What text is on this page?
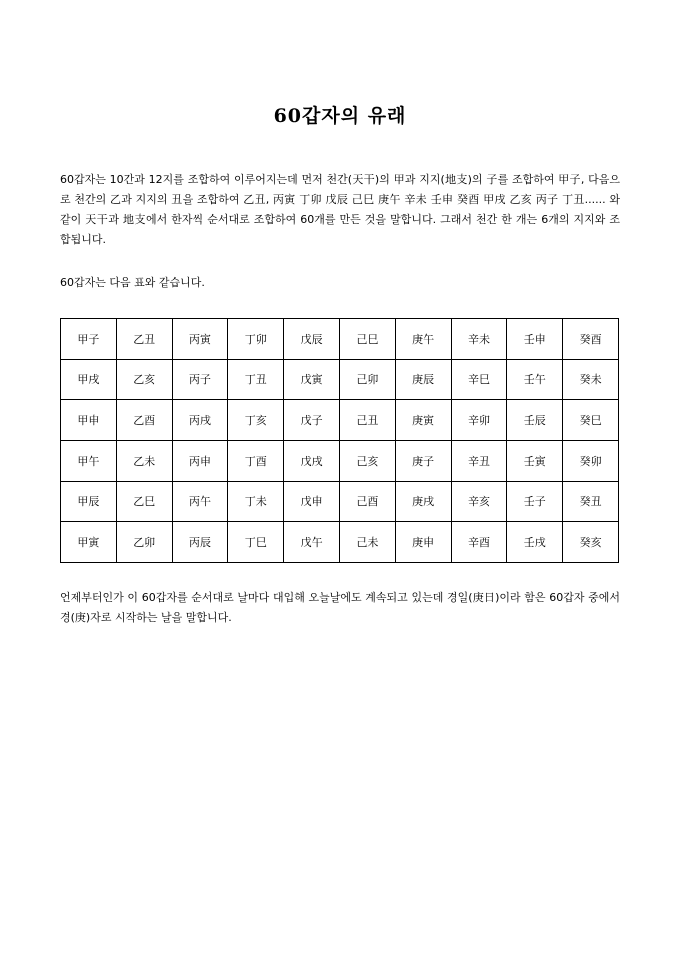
60갑자의 유래

60갑자는 10간과 12지를 조합하여 이루어지는데 먼저 천간(天干)의 甲과 지지(地支)의 子를 조합하여 甲子, 다음으로 천간의 乙과 지지의 丑을 조합하여 乙丑, 丙寅 丁卯 戊辰 己巳 庚午 辛未 壬申 癸酉 甲戌 乙亥 丙子 丁丑...... 와 같이 天干과 地支에서 한자씩 순서대로 조합하여 60개를 만든 것을 말합니다. 그래서 천간 한 개는 6개의 지지와 조합됩니다.

60갑자는 다음 표와 같습니다.

甲子	乙丑	丙寅	丁卯	戊辰	己巳	庚午	辛未	壬申	癸酉
甲戌	乙亥	丙子	丁丑	戊寅	己卯	庚辰	辛巳	壬午	癸未
甲申	乙酉	丙戌	丁亥	戊子	己丑	庚寅	辛卯	壬辰	癸巳
甲午	乙未	丙申	丁酉	戊戌	己亥	庚子	辛丑	壬寅	癸卯
甲辰	乙巳	丙午	丁未	戊申	己酉	庚戌	辛亥	壬子	癸丑
甲寅	乙卯	丙辰	丁巳	戊午	己未	庚申	辛酉	壬戌	癸亥

언제부터인가 이 60갑자를 순서대로 날마다 대입해 오늘날에도 계속되고 있는데 경일(庚日)이라 함은 60갑자 중에서 경(庚)자로 시작하는 날을 말합니다.
